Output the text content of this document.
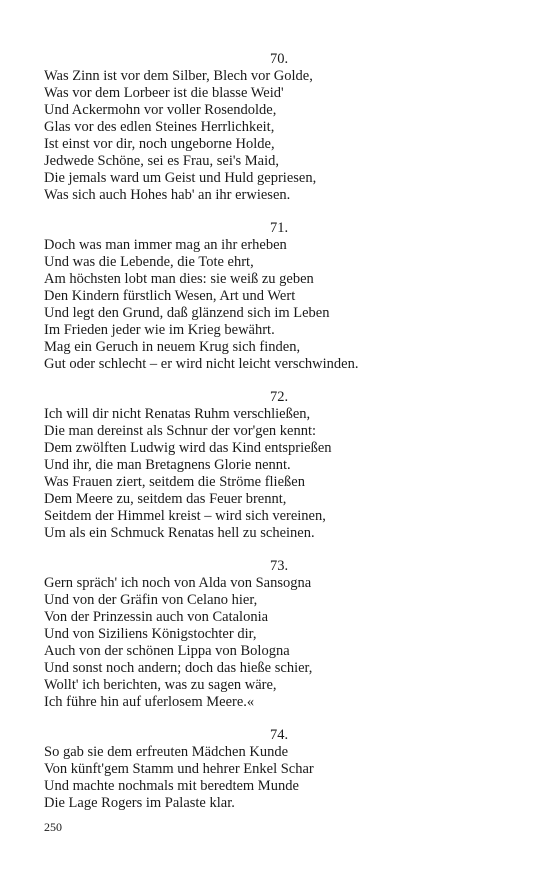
70.
Was Zinn ist vor dem Silber, Blech vor Golde,
Was vor dem Lorbeer ist die blasse Weid'
Und Ackermohn vor voller Rosendolde,
Glas vor des edlen Steines Herrlichkeit,
Ist einst vor dir, noch ungeborne Holde,
Jedwede Schöne, sei es Frau, sei's Maid,
Die jemals ward um Geist und Huld gepriesen,
Was sich auch Hohes hab' an ihr erwiesen.
71.
Doch was man immer mag an ihr erheben
Und was die Lebende, die Tote ehrt,
Am höchsten lobt man dies: sie weiß zu geben
Den Kindern fürstlich Wesen, Art und Wert
Und legt den Grund, daß glänzend sich im Leben
Im Frieden jeder wie im Krieg bewährt.
Mag ein Geruch in neuem Krug sich finden,
Gut oder schlecht – er wird nicht leicht verschwinden.
72.
Ich will dir nicht Renatas Ruhm verschließen,
Die man dereinst als Schnur der vor'gen kennt:
Dem zwölften Ludwig wird das Kind entsprießen
Und ihr, die man Bretagnens Glorie nennt.
Was Frauen ziert, seitdem die Ströme fließen
Dem Meere zu, seitdem das Feuer brennt,
Seitdem der Himmel kreist – wird sich vereinen,
Um als ein Schmuck Renatas hell zu scheinen.
73.
Gern spräch' ich noch von Alda von Sansogna
Und von der Gräfin von Celano hier,
Von der Prinzessin auch von Catalonia
Und von Siziliens Königstochter dir,
Auch von der schönen Lippa von Bologna
Und sonst noch andern; doch das hieße schier,
Wollt' ich berichten, was zu sagen wäre,
Ich führe hin auf uferlosem Meere.«
74.
So gab sie dem erfreuten Mädchen Kunde
Von künft'gem Stamm und hehrer Enkel Schar
Und machte nochmals mit beredtem Munde
Die Lage Rogers im Palaste klar.
250
